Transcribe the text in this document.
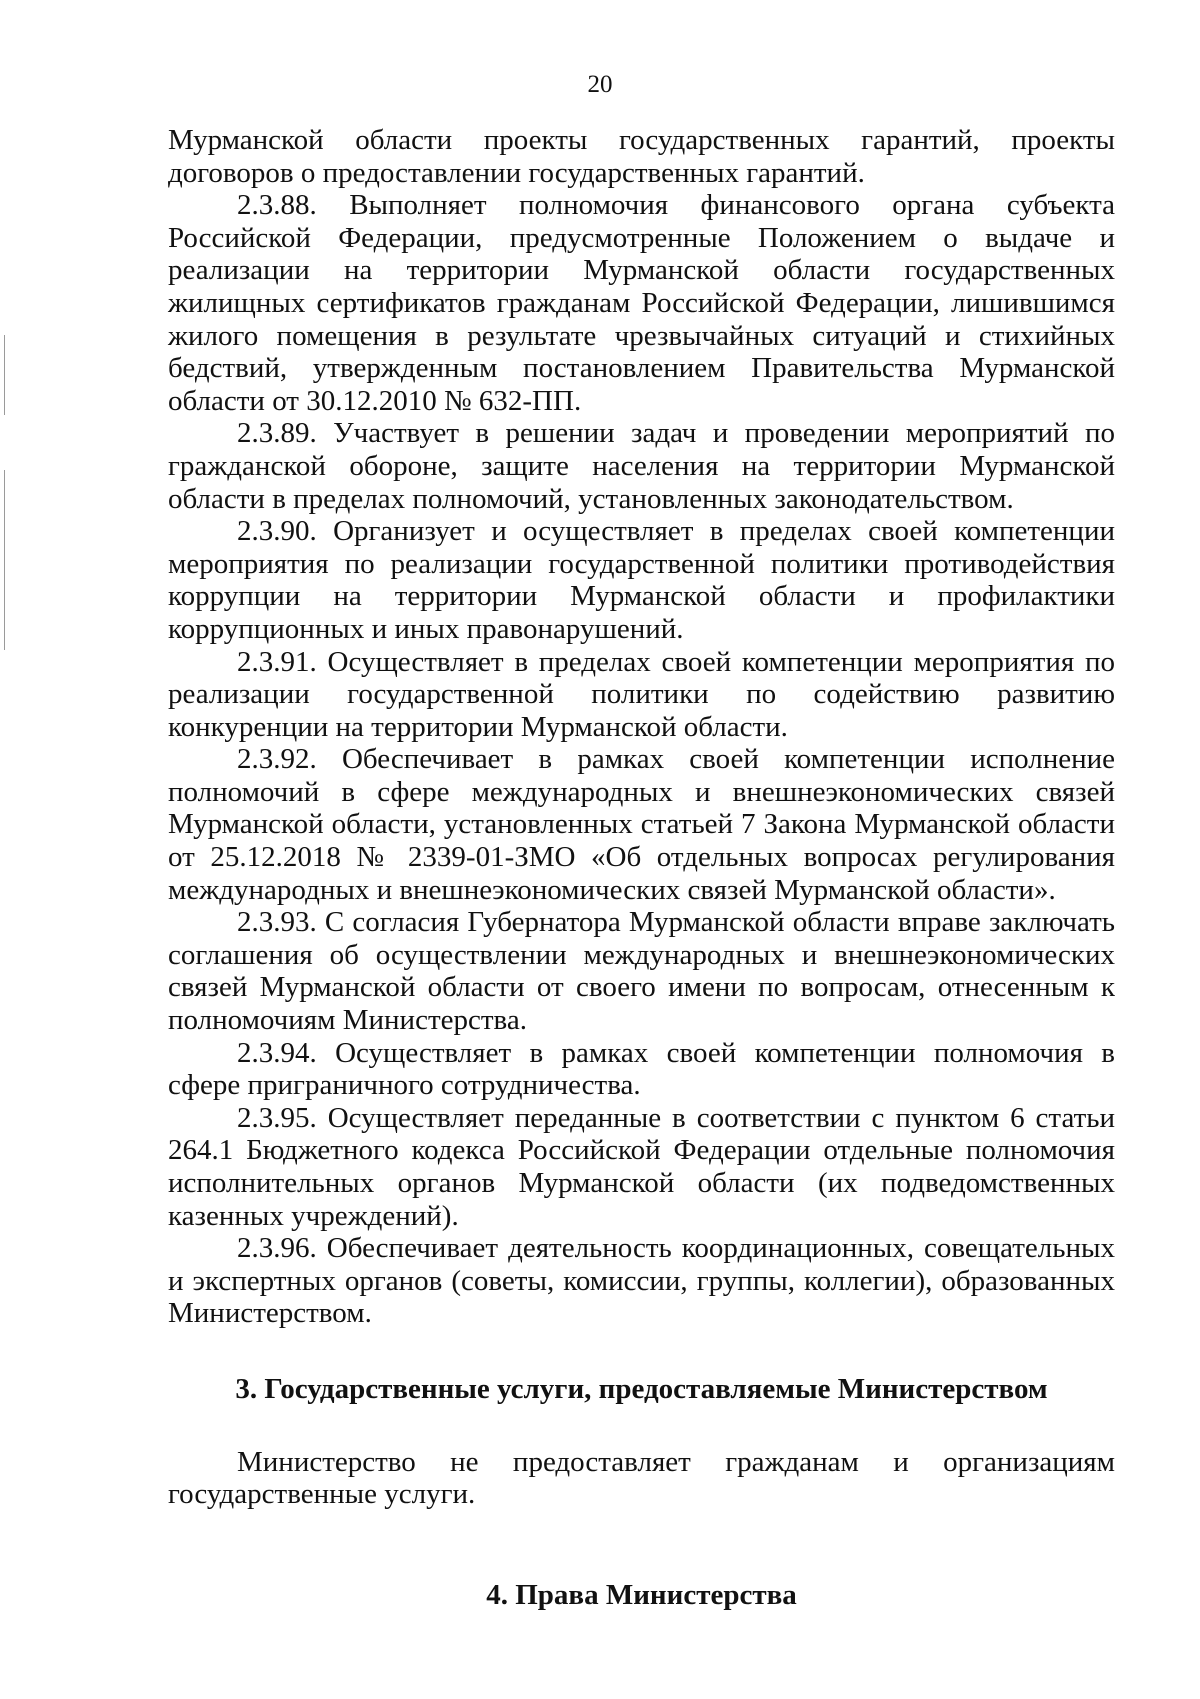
20

Мурманской области проекты государственных гарантий, проекты договоров о предоставлении государственных гарантий.

2.3.88. Выполняет полномочия финансового органа субъекта Российской Федерации, предусмотренные Положением о выдаче и реализации на территории Мурманской области государственных жилищных сертификатов гражданам Российской Федерации, лишившимся жилого помещения в результате чрезвычайных ситуаций и стихийных бедствий, утвержденным постановлением Правительства Мурманской области от 30.12.2010 № 632-ПП.

2.3.89. Участвует в решении задач и проведении мероприятий по гражданской обороне, защите населения на территории Мурманской области в пределах полномочий, установленных законодательством.

2.3.90. Организует и осуществляет в пределах своей компетенции мероприятия по реализации государственной политики противодействия коррупции на территории Мурманской области и профилактики коррупционных и иных правонарушений.

2.3.91. Осуществляет в пределах своей компетенции мероприятия по реализации государственной политики по содействию развитию конкуренции на территории Мурманской области.

2.3.92. Обеспечивает в рамках своей компетенции исполнение полномочий в сфере международных и внешнеэкономических связей Мурманской области, установленных статьей 7 Закона Мурманской области от 25.12.2018 № 2339-01-ЗМО «Об отдельных вопросах регулирования международных и внешнеэкономических связей Мурманской области».

2.3.93. С согласия Губернатора Мурманской области вправе заключать соглашения об осуществлении международных и внешнеэкономических связей Мурманской области от своего имени по вопросам, отнесенным к полномочиям Министерства.

2.3.94. Осуществляет в рамках своей компетенции полномочия в сфере приграничного сотрудничества.

2.3.95. Осуществляет переданные в соответствии с пунктом 6 статьи 264.1 Бюджетного кодекса Российской Федерации отдельные полномочия исполнительных органов Мурманской области (их подведомственных казенных учреждений).

2.3.96. Обеспечивает деятельность координационных, совещательных и экспертных органов (советы, комиссии, группы, коллегии), образованных Министерством.

3. Государственные услуги, предоставляемые Министерством

Министерство не предоставляет гражданам и организациям государственные услуги.

4. Права Министерства
